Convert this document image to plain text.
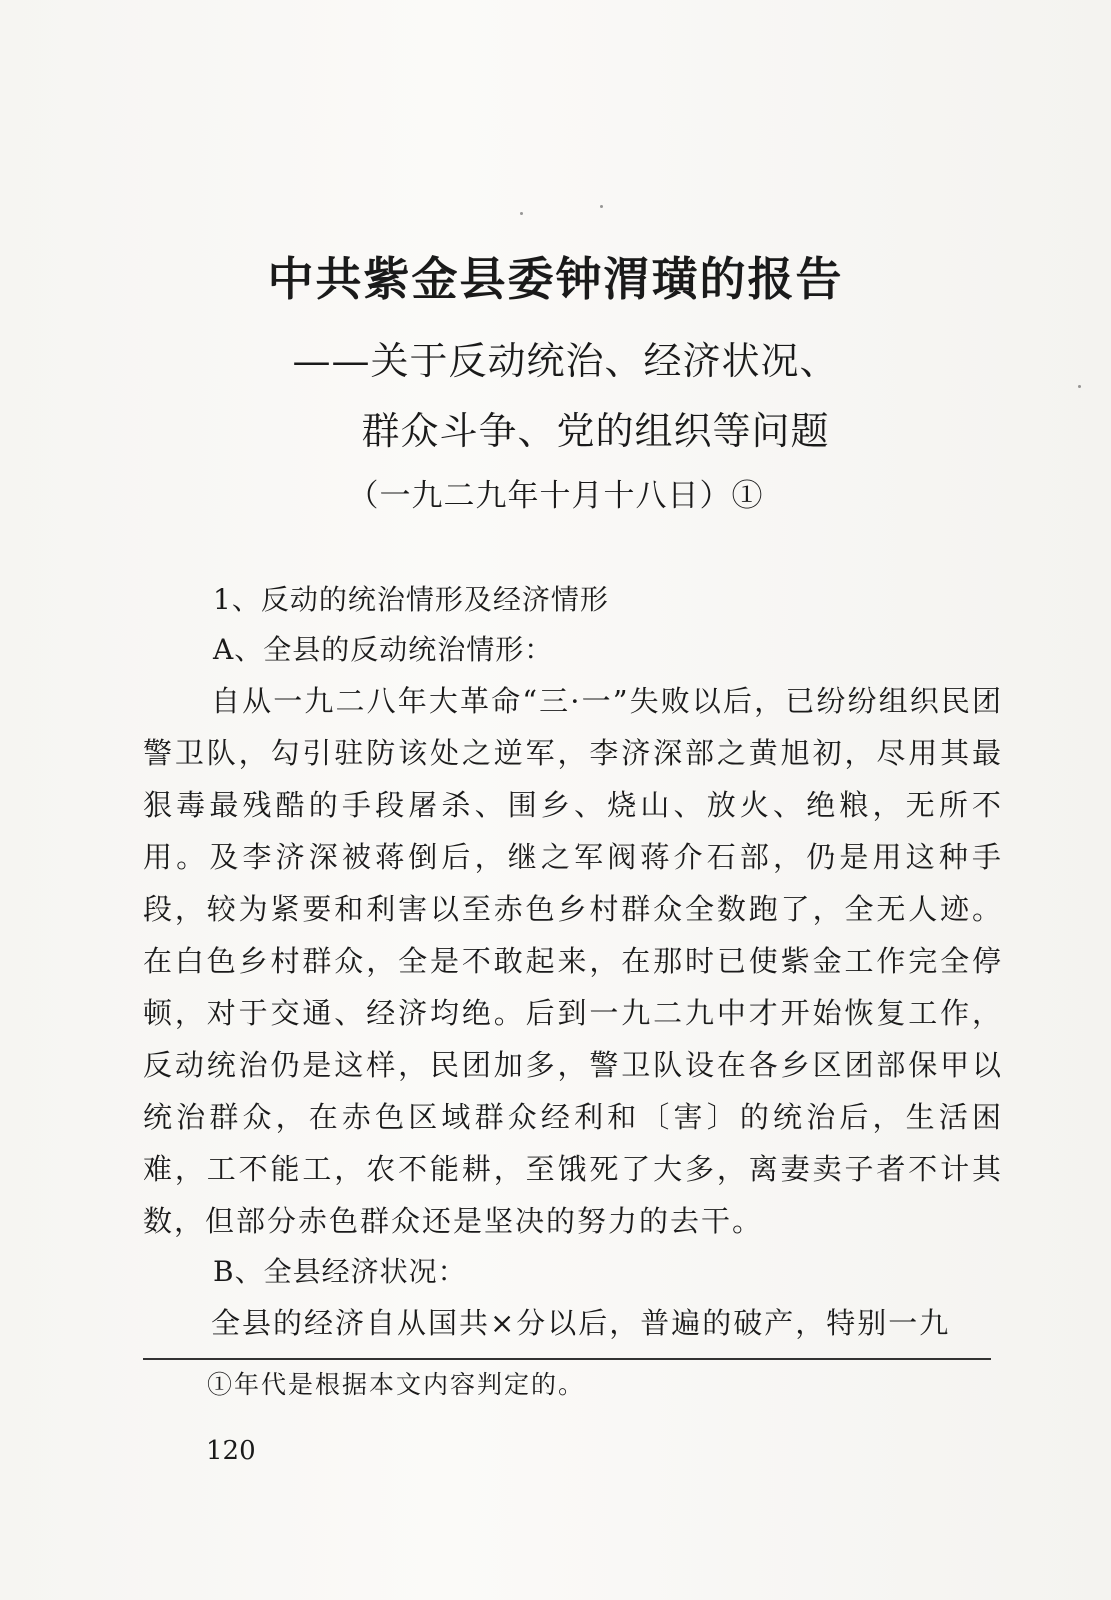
中共紫金县委钟渭璜的报告

——关于反动统治、经济状况、

群众斗争、党的组织等问题

（一九二九年十月十八日）①

1、反动的统治情形及经济情形

A、全县的反动统治情形：

自从一九二八年大革命“三·一”失败以后，已纷纷组织民团警卫队，勾引驻防该处之逆军，李济深部之黄旭初，尽用其最狠毒最残酷的手段屠杀、围乡、烧山、放火、绝粮，无所不用。及李济深被蒋倒后，继之军阀蒋介石部，仍是用这种手段，较为紧要和利害以至赤色乡村群众全数跑了，全无人迹。在白色乡村群众，全是不敢起来，在那时已使紫金工作完全停顿，对于交通、经济均绝。后到一九二九中才开始恢复工作，反动统治仍是这样，民团加多，警卫队设在各乡区团部保甲以统治群众，在赤色区域群众经利和〔害〕的统治后，生活困难，工不能工，农不能耕，至饿死了大多，离妻卖子者不计其数，但部分赤色群众还是坚决的努力的去干。

B、全县经济状况：

全县的经济自从国共×分以后，普遍的破产，特别一九

①年代是根据本文内容判定的。

120
